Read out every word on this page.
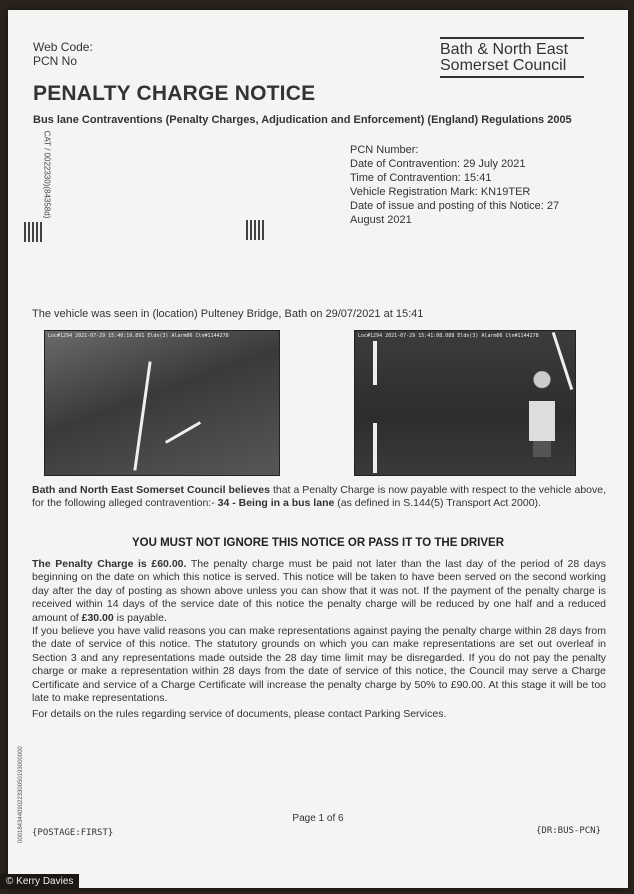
Web Code:
PCN No
Bath & North East
Somerset Council
PENALTY CHARGE NOTICE
Bus lane Contraventions (Penalty Charges, Adjudication and Enforcement) (England) Regulations 2005
CAT / 0022330)(84358d)	PCN Number:
Date of Contravention: 29 July 2021
Time of Contravention: 15:41
Vehicle Registration Mark: KN19TER
Date of issue and posting of this Notice: 27 August 2021
The vehicle was seen in (location) Pulteney Bridge, Bath on 29/07/2021 at 15:41
Loc#1294 2021-07-29 15:40:19.891 Eldn(3) Alarm06 Ctn#1144278	Loc#1294 2021-07-29 15:41:08.088 Eldn(3) Alarm06 Ctn#1144278
Bath and North East Somerset Council believes that a Penalty Charge is now payable with respect to the vehicle above, for the following alleged contravention:- 34 - Being in a bus lane (as defined in S.144(5) Transport Act 2000).
YOU MUST NOT IGNORE THIS NOTICE OR PASS IT TO THE DRIVER
The Penalty Charge is £60.00. The penalty charge must be paid not later than the last day of the period of 28 days beginning on the date on which this notice is served. This notice will be taken to have been served on the second working day after the day of posting as shown above unless you can show that it was not. If the payment of the penalty charge is received within 14 days of the service date of this notice the penalty charge will be reduced by one half and a reduced amount of £30.00 is payable.
If you believe you have valid reasons you can make representations against paying the penalty charge within 28 days from the date of service of this notice. The statutory grounds on which you can make representations are set out overleaf in Section 3 and any representations made outside the 28 day time limit may be disregarded. If you do not pay the penalty charge or make a representation within 28 days from the date of service of this notice, the Council may serve a Charge Certificate and service of a Charge Certificate will increase the penalty charge by 50% to £90.00. At this stage it will be too late to make representations.
For details on the rules regarding service of documents, please contact Parking Services.
00018434409022330050193000000	Page 1 of 6
{POSTAGE:FIRST}	{DR:BUS-PCN}
© Kerry Davies
